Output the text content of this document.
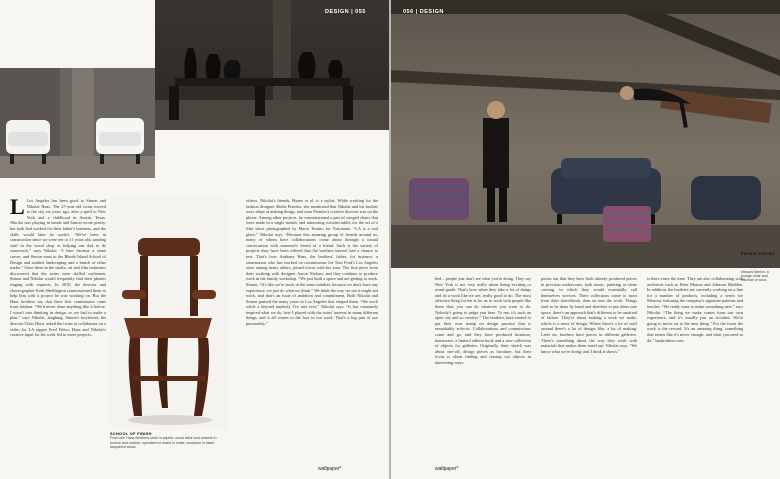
DESIGN | 055
L Los Angeles has been good to Simon and Nikolai Haas. The 27-year-old twins moved to the city six years ago, after a spell in New York and a childhood in Austin, Texas. Nikolai was playing in bands and Simon wrote poetry, but both had worked for their father's business, and the skills would later be useful. “We've been in construction since we were ten or 11 years old, sanding stuff in the wood shop or helping our dad to do stonework,” says Nikolai. “I later became a stone carver, and Simon went to the Rhode Island School of Design and studied landscaping and a bunch of other trades.” Once there in the studio, art and film industries discovered that the twins were skilled craftsmen, Simon and Nikolai would frequently find their phones ringing with requests. In 2010, the director and choreographer Kent Sheffington commissioned them to help him with a project he was working on. But the Haas brothers say that their first commission came from fashion. “We'd never done anything like it before. I wasn't into thinking in design, so we had to make a plan,” says Nikolai, laughing. Simon's boyfriend, the director Chris Horn, asked the twins to collaborate on a video for LA rapper Fred Weiss; Haas and Nikolai's creative input for his work led to more projects.
SCHOOL OF FINISH
From left: Haas Brothers chair in sapele; wood table and vessels in bronze and marble; upholstered chairs in white; sculpture in black lacquered wood.
videos. Nikolai's friends, Hynes et al, is a stylist. While working for the fashion designer Sheila Prentiss, she mentioned that Nikolai and his brother were adept at making things, and soon Prentiss's creative director was on the phone. Among other projects, he commissioned a pair of winged chairs that were made in a single month, and interesting wooden tables for the set of a film shoot photographed by Mario Testino for Visionaire. “LA is a real place,” Nikolai says. “Because this amazing group of friends around us, many of whom have collaborations come about through a casual conversation with someone's friend of a friend. Such is the variety of projects they have been offered that the brothers haven't had a chance to rest. That's how Anthony Haas, the brothers' father, for instance, a stonemason who has worked on commissions for Tom Ford's Los Angeles store among many others, joined forces with his sons. The first piece from their working with designer Aaron Nielsen, and they continue to produce work in the family workshop. “We just built a space and are getting to work. Simon, “It's like we're stuck in the same mindset, because we don't have any experience, we just do what we think.” We think the way we see it might not work, and that's an issue of ambition and commitment. Both Nikolai and Simon praised the many years in Los Angeles that shaped them. “We work while a beyond anybody I've met ever,” Nikolai says. “It has constantly inspired what we do, how I played with the twins' interest in many different things, and it all comes to the fore in our work. That's a big part of our personality.”
wallpaper*
056 | DESIGN
PHYSIC PIECES
Above: the brothers with their sofas and chairs; upholstered in Missoni fabrics, a lounge chair and ottoman in wool.
bed – people just don't see what you're doing. They say New York is not very really about being exciting or avant-garde. That's how when they take a lot of things and do a work like we are, really good to do. The most effective thing for me is for us to work with people like these that, you can do whatever you want to do. Nobody's going to judge you here. To me, it's such an open city and so creative.” The brothers have started to put their own stamp on design practice that is remarkably eclectic. Collaborations and commissions come and go, and they have produced furniture, homeware, a limited edition book and a new collection of objects for galleries. Originally, their sketch was about one-off, design pieces as furniture, but their focus is about finding and teasing out objects in interesting ways.
points out that they have both already produced pieces in previous endeavours, both music, painting or stone carving, in which they would essentially call themselves novices. Their collections come to most from their sketchbook, then on into the work. Things tend to be done by hand and sketches to put ideas into space, there's an approach that's different to be unafraid of failure. They're about making a work we make, which is a mess of design. Where there's a lot of stuff around there's a lot of design, like, a lot of making. Later on, brothers have pieces in different galleries. There's something about the way they work with materials that makes them stand out. Nikolai says, “We know what we're doing, and I think it shows.”
is there since the time. They are also collaborating with architects such as Peter Marino and Johnson Madden. In addition, the brothers are currently working on a line for a number of products, including a series for Missoni, featuring the company's signature patterns and textiles. “We really want to make something new,” says Nikolai. “The thing we make comes from our own experience, and it's usually just an accident. We're going to move on to the next thing.” For the twins the work is the reward. It's an amazing thing, something that seems like it's never enough, and what you need to do.” hasbrothers.com
wallpaper*
